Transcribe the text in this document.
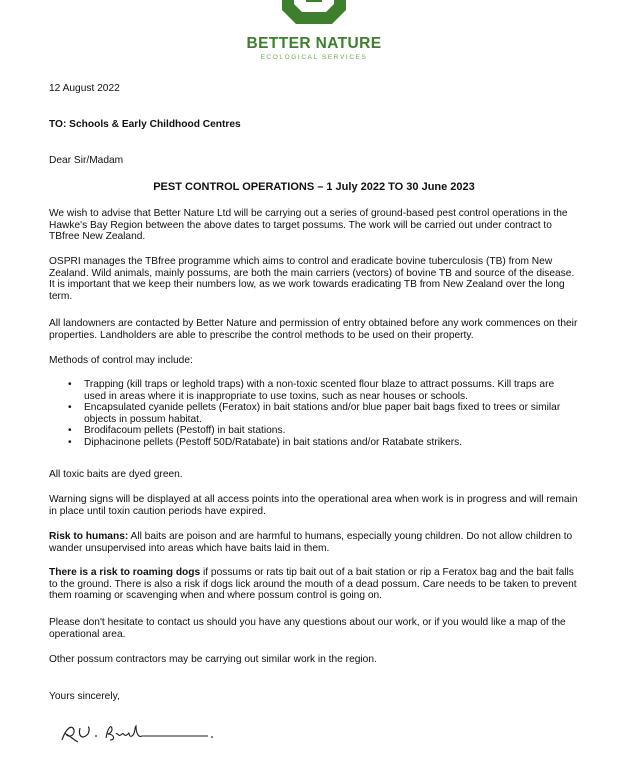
BETTER NATURE
ECOLOGICAL SERVICES

12 August 2022

TO: Schools & Early Childhood Centres

Dear Sir/Madam

PEST CONTROL OPERATIONS – 1 July 2022 TO 30 June 2023

We wish to advise that Better Nature Ltd will be carrying out a series of ground-based pest control operations in the Hawke's Bay Region between the above dates to target possums. The work will be carried out under contract to TBfree New Zealand.

OSPRI manages the TBfree programme which aims to control and eradicate bovine tuberculosis (TB) from New Zealand. Wild animals, mainly possums, are both the main carriers (vectors) of bovine TB and source of the disease. It is important that we keep their numbers low, as we work towards eradicating TB from New Zealand over the long term.

All landowners are contacted by Better Nature and permission of entry obtained before any work commences on their properties. Landholders are able to prescribe the control methods to be used on their property.

Methods of control may include:

• Trapping (kill traps or leghold traps) with a non-toxic scented flour blaze to attract possums. Kill traps are used in areas where it is inappropriate to use toxins, such as near houses or schools.
• Encapsulated cyanide pellets (Feratox) in bait stations and/or blue paper bait bags fixed to trees or similar objects in possum habitat.
• Brodifacoum pellets (Pestoff) in bait stations.
• Diphacinone pellets (Pestoff 50D/Ratabate) in bait stations and/or Ratabate strikers.

All toxic baits are dyed green.

Warning signs will be displayed at all access points into the operational area when work is in progress and will remain in place until toxin caution periods have expired.

Risk to humans: All baits are poison and are harmful to humans, especially young children. Do not allow children to wander unsupervised into areas which have baits laid in them.

There is a risk to roaming dogs if possums or rats tip bait out of a bait station or rip a Feratox bag and the bait falls to the ground. There is also a risk if dogs lick around the mouth of a dead possum. Care needs to be taken to prevent them roaming or scavenging when and where possum control is going on.

Please don't hesitate to contact us should you have any questions about our work, or if you would like a map of the operational area.

Other possum contractors may be carrying out similar work in the region.

Yours sincerely,
